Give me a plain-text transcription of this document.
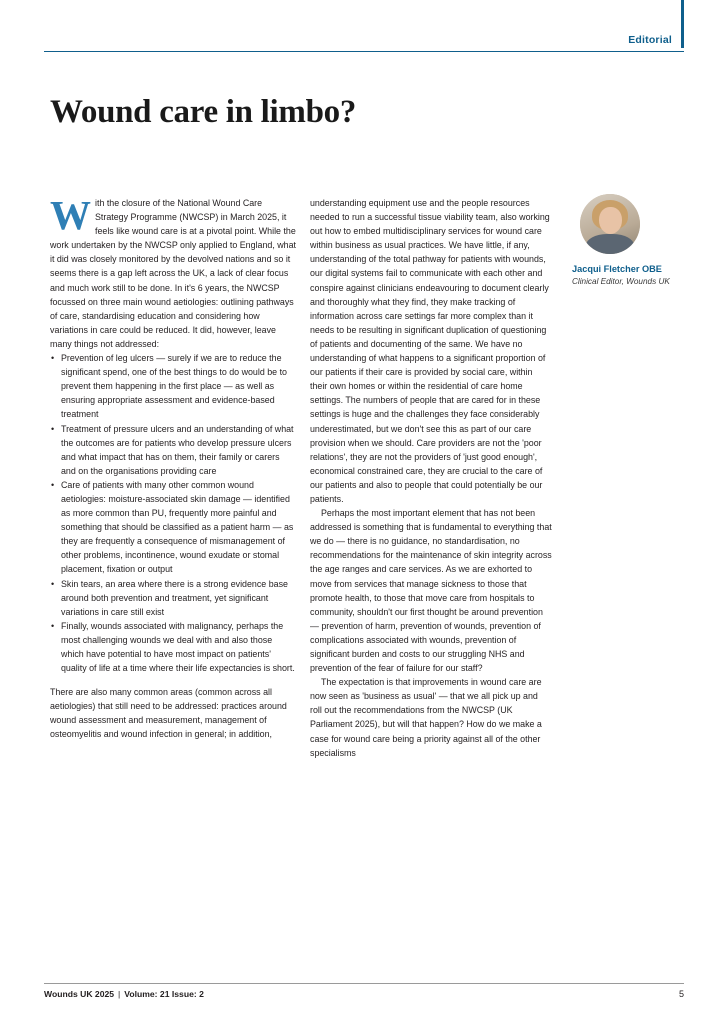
Editorial
Wound care in limbo?

With the closure of the National Wound Care Strategy Programme (NWCSP) in March 2025, it feels like wound care is at a pivotal point. While the work undertaken by the NWCSP only applied to England, what it did was closely monitored by the devolved nations and so it seems there is a gap left across the UK, a lack of clear focus and much work still to be done. In it's 6 years, the NWCSP focussed on three main wound aetiologies: outlining pathways of care, standardising education and considering how variations in care could be reduced. It did, however, leave many things not addressed:

• Prevention of leg ulcers — surely if we are to reduce the significant spend, one of the best things to do would be to prevent them happening in the first place — as well as ensuring appropriate assessment and evidence-based treatment
• Treatment of pressure ulcers and an understanding of what the outcomes are for patients who develop pressure ulcers and what impact that has on them, their family or carers and on the organisations providing care
• Care of patients with many other common wound aetiologies: moisture-associated skin damage — identified as more common than PU, frequently more painful and something that should be classified as a patient harm — as they are frequently a consequence of mismanagement of other problems, incontinence, wound exudate or stomal placement, fixation or output
• Skin tears, an area where there is a strong evidence base around both prevention and treatment, yet significant variations in care still exist
• Finally, wounds associated with malignancy, perhaps the most challenging wounds we deal with and also those which have potential to have most impact on patients' quality of life at a time where their life expectancies is short.

There are also many common areas (common across all aetiologies) that still need to be addressed: practices around wound assessment and measurement, management of osteomyelitis and wound infection in general; in addition,

understanding equipment use and the people resources needed to run a successful tissue viability team, also working out how to embed multidisciplinary services for wound care within business as usual practices. We have little, if any, understanding of the total pathway for patients with wounds, our digital systems fail to communicate with each other and conspire against clinicians endeavouring to document clearly and thoroughly what they find, they make tracking of information across care settings far more complex than it needs to be resulting in significant duplication of questioning of patients and documenting of the same. We have no understanding of what happens to a significant proportion of our patients if their care is provided by social care, within their own homes or within the residential of care home settings. The numbers of people that are cared for in these settings is huge and the challenges they face considerably underestimated, but we don't see this as part of our care provision when we should. Care providers are not the 'poor relations', they are not the providers of 'just good enough', economical constrained care, they are crucial to the care of our patients and also to people that could potentially be our patients.

Perhaps the most important element that has not been addressed is something that is fundamental to everything that we do — there is no guidance, no standardisation, no recommendations for the maintenance of skin integrity across the age ranges and care services. As we are exhorted to move from services that manage sickness to those that promote health, to those that move care from hospitals to community, shouldn't our first thought be around prevention — prevention of harm, prevention of wounds, prevention of complications associated with wounds, prevention of significant burden and costs to our struggling NHS and prevention of the fear of failure for our staff?

The expectation is that improvements in wound care are now seen as 'business as usual' — that we all pick up and roll out the recommendations from the NWCSP (UK Parliament 2025), but will that happen? How do we make a case for wound care being a priority against all of the other specialisms

Jacqui Fletcher OBE
Clinical Editor, Wounds UK
Wounds UK 2025 | Volume: 21 Issue: 2	5
